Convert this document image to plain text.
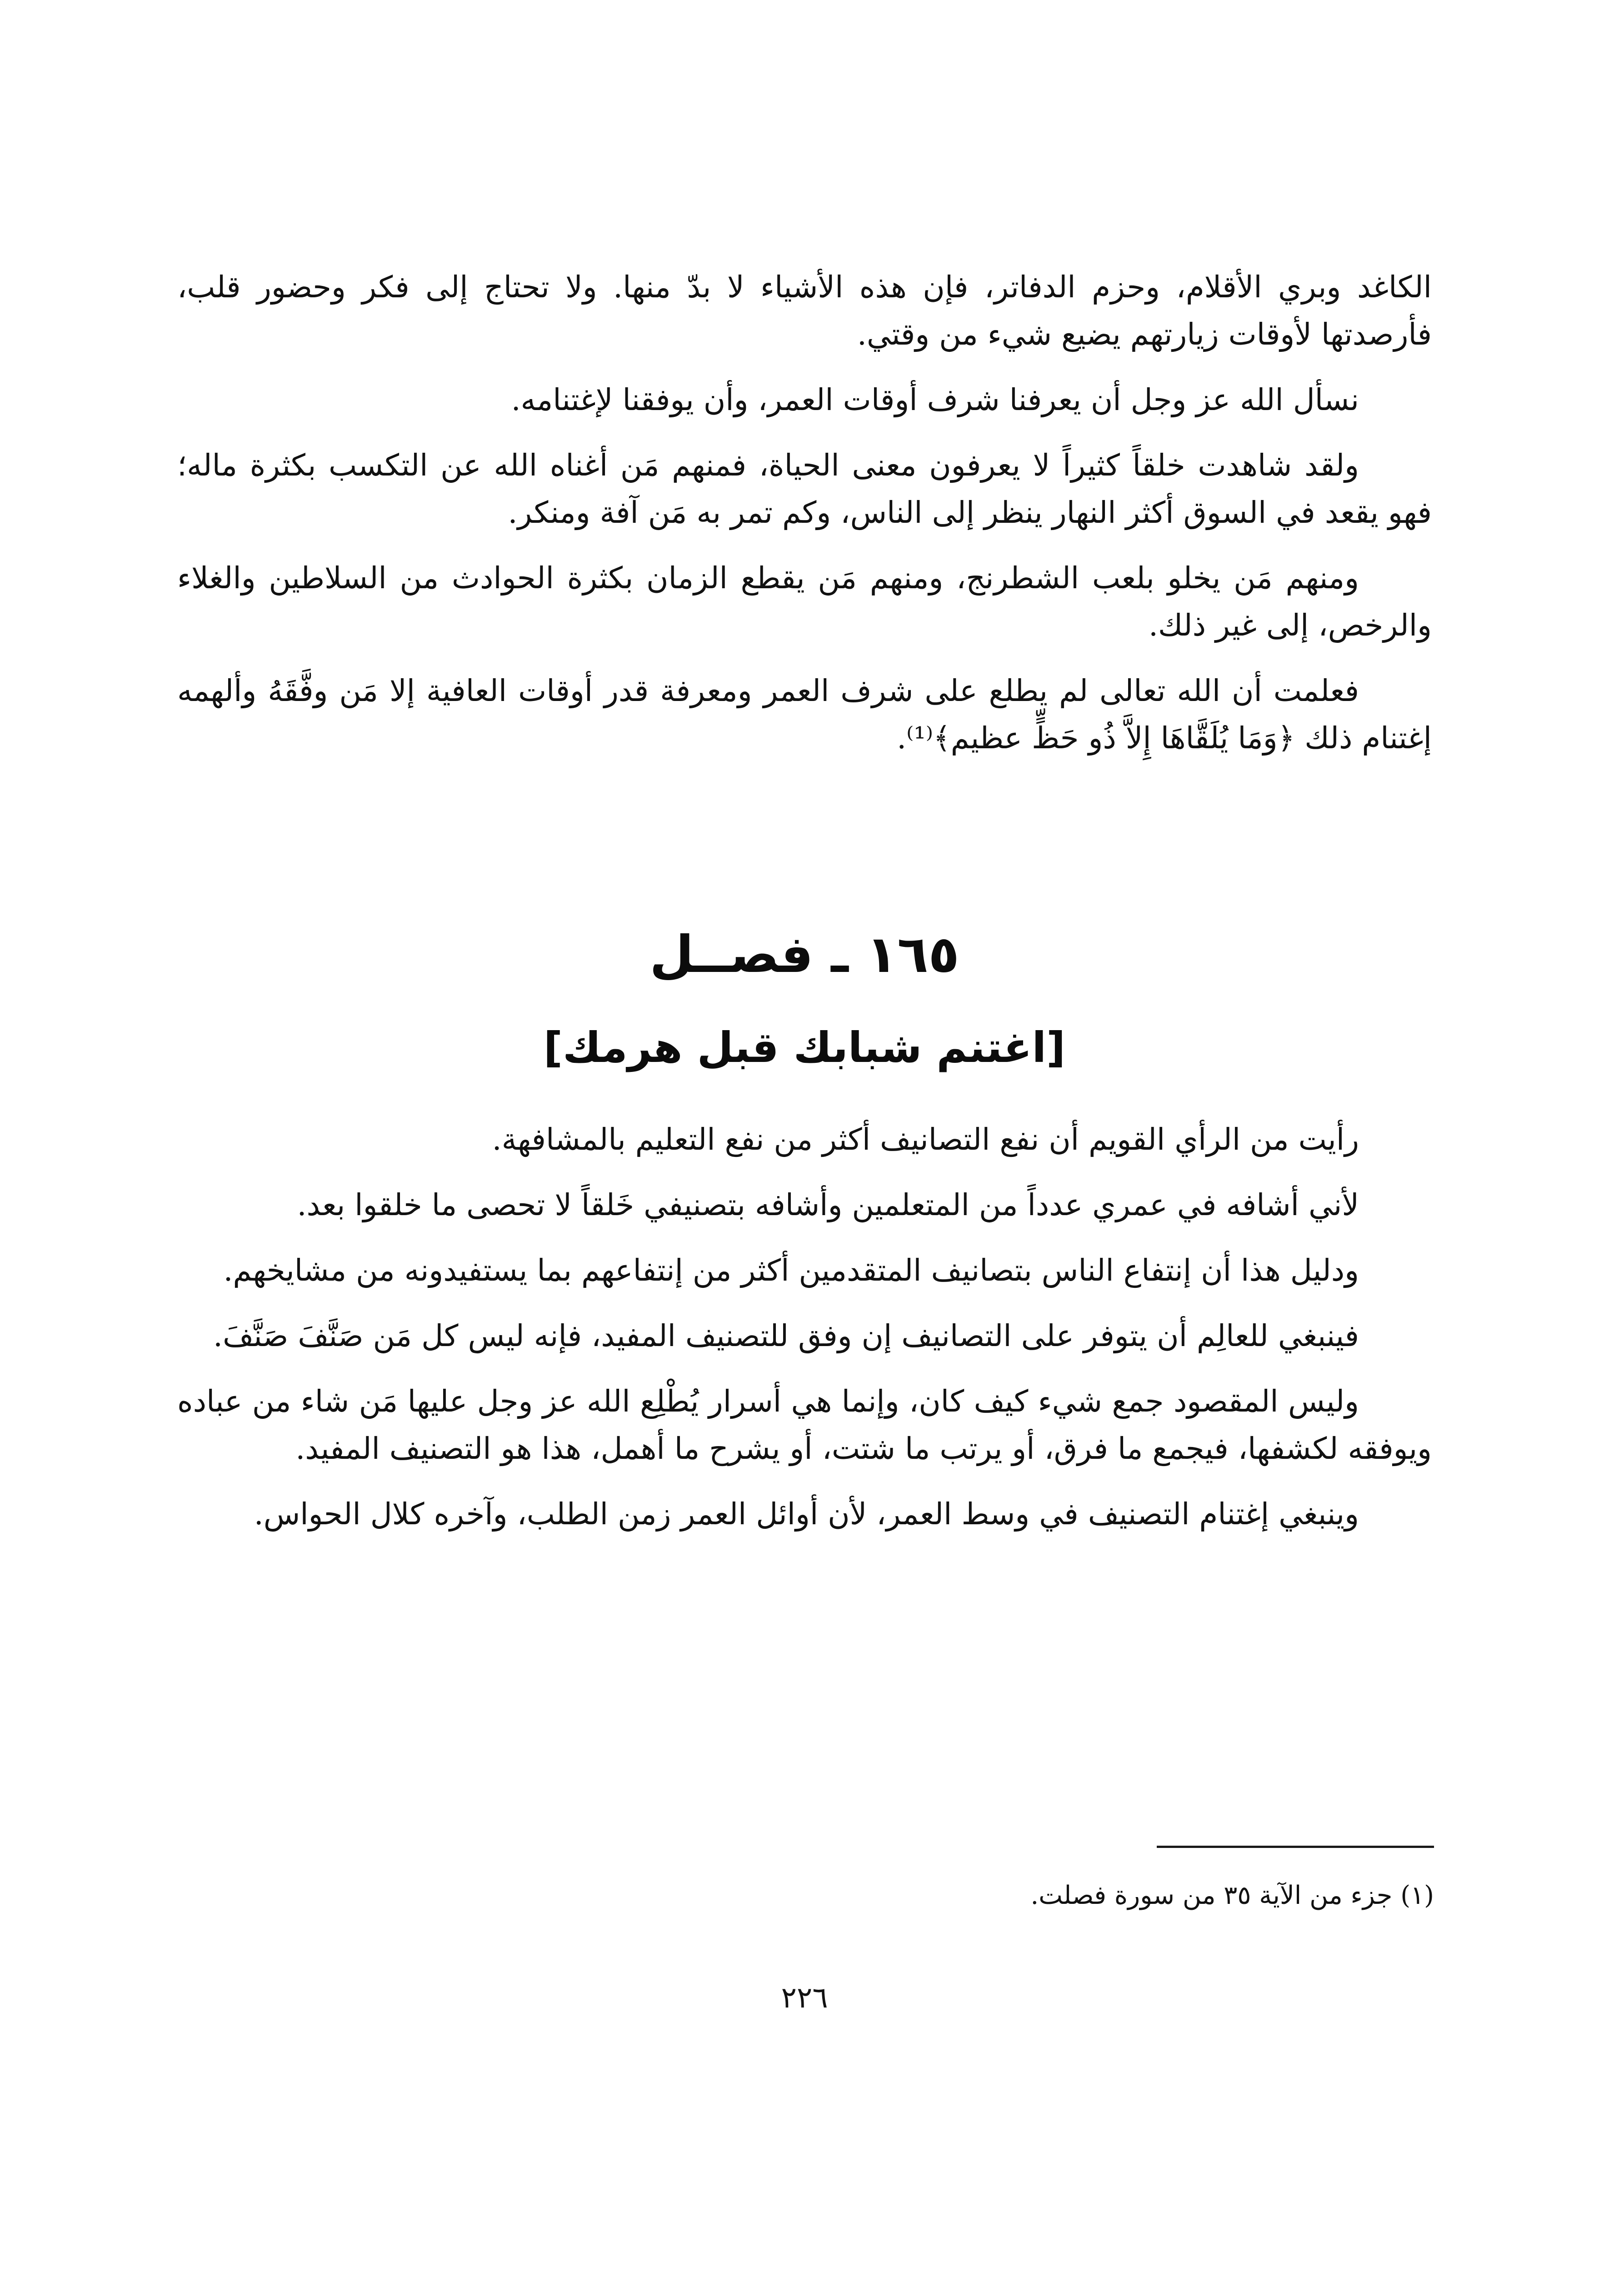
الكاغد وبري الأقلام، وحزم الدفاتر، فإن هذه الأشياء لا بدّ منها. ولا تحتاج إلى فكر وحضور قلب، فأرصدتها لأوقات زيارتهم يضيع شيء من وقتي.

نسأل الله عز وجل أن يعرفنا شرف أوقات العمر، وأن يوفقنا لإغتنامه.

ولقد شاهدت خلقاً كثيراً لا يعرفون معنى الحياة، فمنهم مَن أغناه الله عن التكسب بكثرة ماله؛ فهو يقعد في السوق أكثر النهار ينظر إلى الناس، وكم تمر به مَن آفة ومنكر.

ومنهم مَن يخلو بلعب الشطرنج، ومنهم مَن يقطع الزمان بكثرة الحوادث من السلاطين والغلاء والرخص، إلى غير ذلك.

فعلمت أن الله تعالى لم يطلع على شرف العمر ومعرفة قدر أوقات العافية إلا مَن وفَّقَهُ وألهمه إغتنام ذلك ﴿وَمَا يُلَقَّاهَا إِلاَّ ذُو حَظٍّ عظيم﴾⁽¹⁾.

١٦٥ ـ فصــل
[اغتنم شبابك قبل هرمك]

رأيت من الرأي القويم أن نفع التصانيف أكثر من نفع التعليم بالمشافهة.

لأني أشافه في عمري عدداً من المتعلمين وأشافه بتصنيفي خَلقاً لا تحصى ما خلقوا بعد.

ودليل هذا أن إنتفاع الناس بتصانيف المتقدمين أكثر من إنتفاعهم بما يستفيدونه من مشايخهم.

فينبغي للعالِم أن يتوفر على التصانيف إن وفق للتصنيف المفيد، فإنه ليس كل مَن صَنَّفَ صَنَّفَ.

وليس المقصود جمع شيء كيف كان، وإنما هي أسرار يُطْلِع الله عز وجل عليها مَن شاء من عباده ويوفقه لكشفها، فيجمع ما فرق، أو يرتب ما شتت، أو يشرح ما أهمل، هذا هو التصنيف المفيد.

وينبغي إغتنام التصنيف في وسط العمر، لأن أوائل العمر زمن الطلب، وآخره كلال الحواس.

(١) جزء من الآية ٣٥ من سورة فصلت.
٢٢٦
